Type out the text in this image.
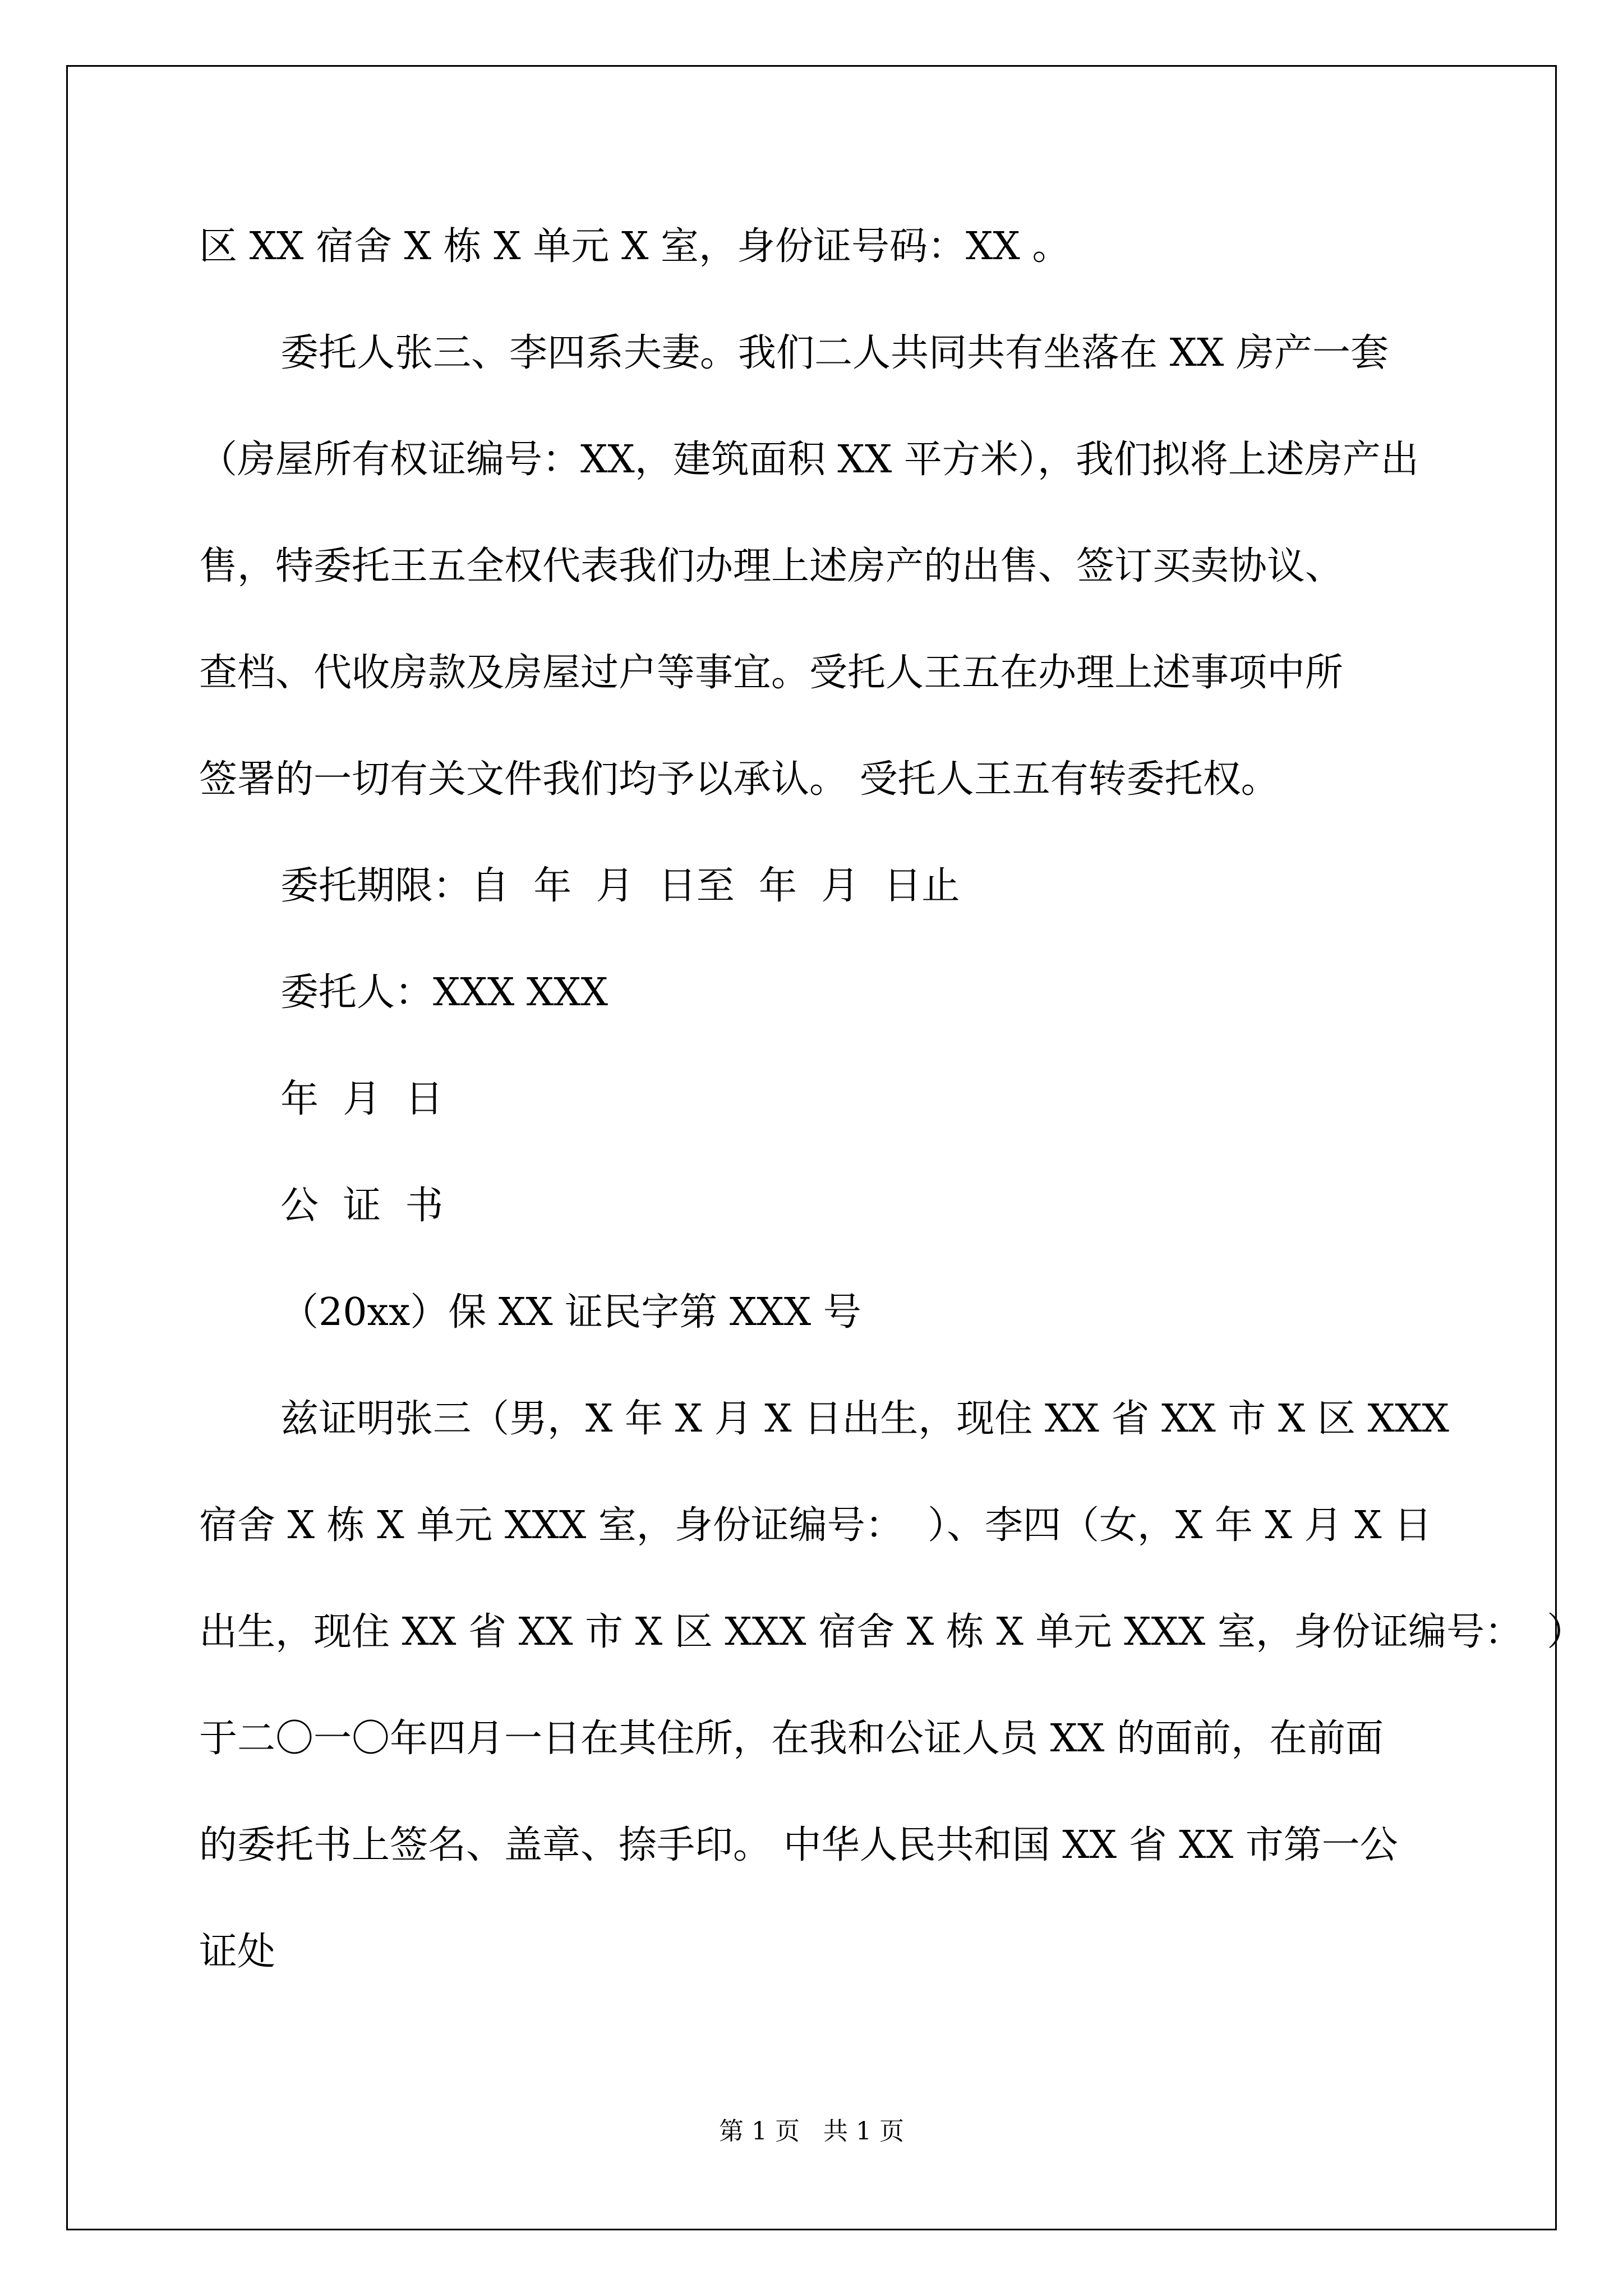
区 XX 宿舍 X 栋 X 单元 X 室，身份证号码：XX 。
委托人张三、李四系夫妻。我们二人共同共有坐落在 XX 房产一套
（房屋所有权证编号：XX，建筑面积 XX 平方米），我们拟将上述房产出
售，特委托王五全权代表我们办理上述房产的出售、签订买卖协议、
查档、代收房款及房屋过户等事宜。受托人王五在办理上述事项中所
签署的一切有关文件我们均予以承认。 受托人王五有转委托权。
委托期限：自  年  月  日至  年  月  日止
委托人：XXX XXX
年  月  日
公  证  书
（20xx）保 XX 证民字第 XXX 号
兹证明张三（男，X 年 X 月 X 日出生，现住 XX 省 XX 市 X 区 XXX
宿舍 X 栋 X 单元 XXX 室，身份证编号：  ）、李四（女，X 年 X 月 X 日
出生，现住 XX 省 XX 市 X 区 XXX 宿舍 X 栋 X 单元 XXX 室，身份证编号：  ）
于二〇一〇年四月一日在其住所，在我和公证人员 XX 的面前，在前面
的委托书上签名、盖章、捺手印。 中华人民共和国 XX 省 XX 市第一公
证处
第 1 页   共 1 页
